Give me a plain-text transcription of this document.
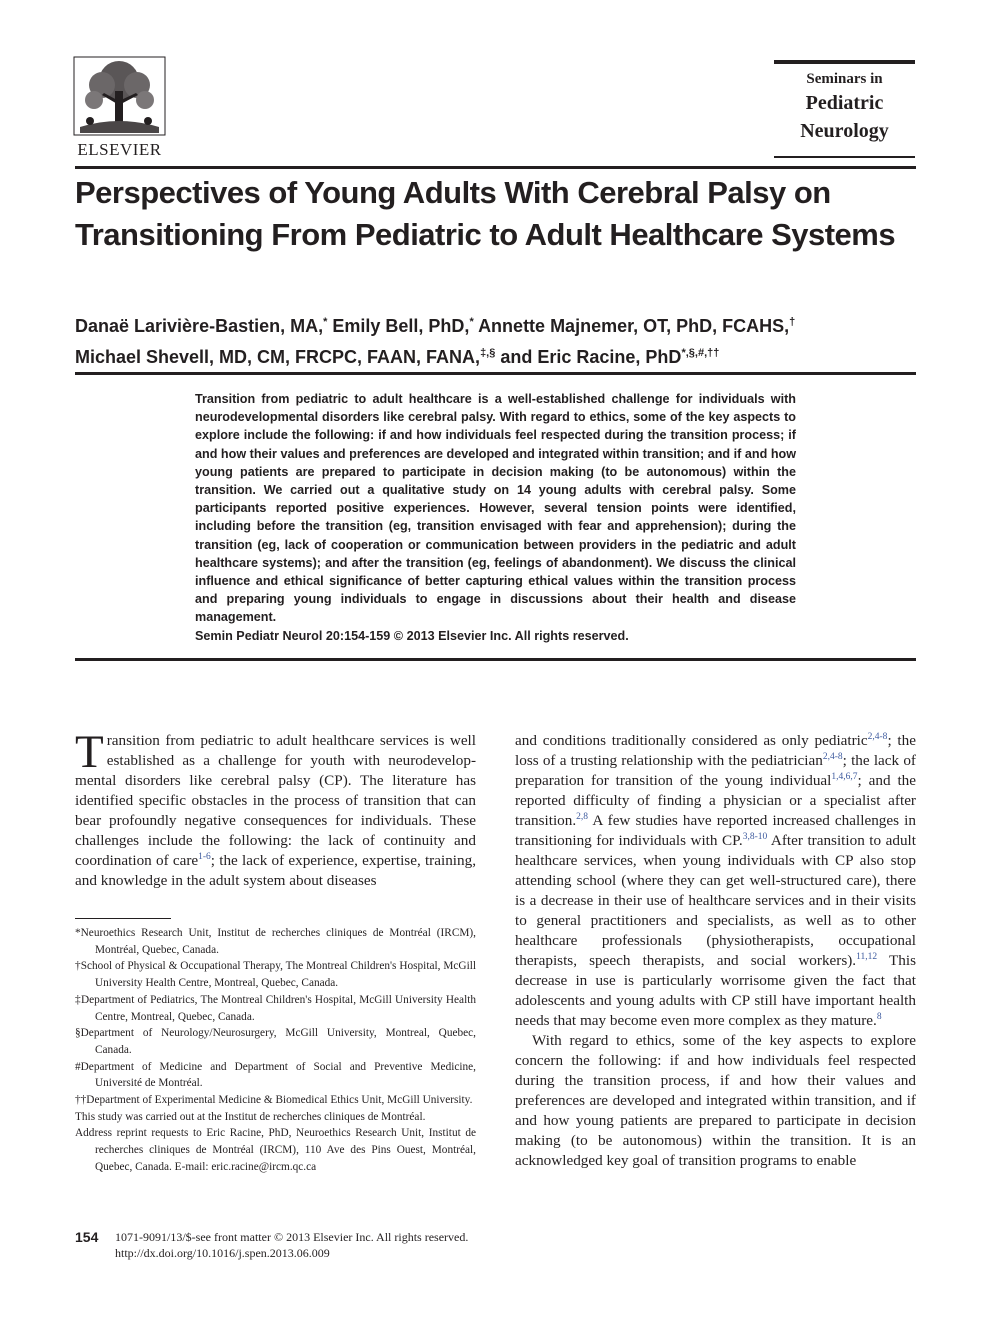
ELSEVIER
Seminars in
Pediatric
Neurology
Perspectives of Young Adults With Cerebral Palsy on Transitioning From Pediatric to Adult Healthcare Systems
Danaë Larivière-Bastien, MA,* Emily Bell, PhD,* Annette Majnemer, OT, PhD, FCAHS,†
Michael Shevell, MD, CM, FRCPC, FAAN, FANA,‡,§ and Eric Racine, PhD*,§,#,††

Transition from pediatric to adult healthcare is a well-established challenge for individuals with neurodevelopmental disorders like cerebral palsy. With regard to ethics, some of the key aspects to explore include the following: if and how individuals feel respected during the transition process; if and how their values and preferences are developed and integrated within transition; and if and how young patients are prepared to participate in decision making (to be autonomous) within the transition. We carried out a qualitative study on 14 young adults with cerebral palsy. Some participants reported positive experiences. However, several tension points were identified, including before the transition (eg, transition envisaged with fear and apprehension); during the transition (eg, lack of cooperation or communication between providers in the pediatric and adult healthcare systems); and after the transition (eg, feelings of abandonment). We discuss the clinical influence and ethical significance of better capturing ethical values within the transition process and preparing young individuals to engage in discussions about their health and disease management.

Semin Pediatr Neurol 20:154-159 © 2013 Elsevier Inc. All rights reserved.

Transition from pediatric to adult healthcare services is well established as a challenge for youth with neurodevelopmental disorders like cerebral palsy (CP). The literature has identified specific obstacles in the process of transition that can bear profoundly negative consequences for individuals. These challenges include the following: the lack of continuity and coordination of care$^{1-6}$; the lack of experience, expertise, training, and knowledge in the adult system about diseases

*Neuroethics Research Unit, Institut de recherches cliniques de Montréal (IRCM), Montréal, Quebec, Canada.

†School of Physical & Occupational Therapy, The Montreal Children's Hospital, McGill University Health Centre, Montreal, Quebec, Canada.

‡Department of Pediatrics, The Montreal Children's Hospital, McGill University Health Centre, Montreal, Quebec, Canada.

§Department of Neurology/Neurosurgery, McGill University, Montreal, Quebec, Canada.

#Department of Medicine and Department of Social and Preventive Medicine, Université de Montréal.

††Department of Experimental Medicine & Biomedical Ethics Unit, McGill University.

This study was carried out at the Institut de recherches cliniques de Montréal.

Address reprint requests to Eric Racine, PhD, Neuroethics Research Unit, Institut de recherches cliniques de Montréal (IRCM), 110 Ave des Pins Ouest, Montréal, Quebec, Canada. E-mail: eric.racine@ircm.qc.ca

and conditions traditionally considered as only pediatric$^{2,4-8}$; the loss of a trusting relationship with the pediatrician$^{2,4-8}$; the lack of preparation for transition of the young individual$^{1,4,6,7}$; and the reported difficulty of finding a physician or a specialist after transition.$^{2,8}$ A few studies have reported increased challenges in transitioning for individuals with CP.$^{3,8-10}$ After transition to adult healthcare services, when young individuals with CP also stop attending school (where they can get well-structured care), there is a decrease in their use of healthcare services and in their visits to general practitioners and specialists, as well as to other healthcare professionals (physiotherapists, occupational therapists, speech therapists, and social workers).$^{11,12}$ This decrease in use is particularly worrisome given the fact that adolescents and young adults with CP still have important health needs that may become even more complex as they mature.$^8$

With regard to ethics, some of the key aspects to explore concern the following: if and how individuals feel respected during the transition process, if and how their values and preferences are developed and integrated within transition, and if and how young patients are prepared to participate in decision making (to be autonomous) within the transition. It is an acknowledged key goal of transition programs to enable

154 1071-9091/13/$-see front matter © 2013 Elsevier Inc. All rights reserved.
http://dx.doi.org/10.1016/j.spen.2013.06.009
